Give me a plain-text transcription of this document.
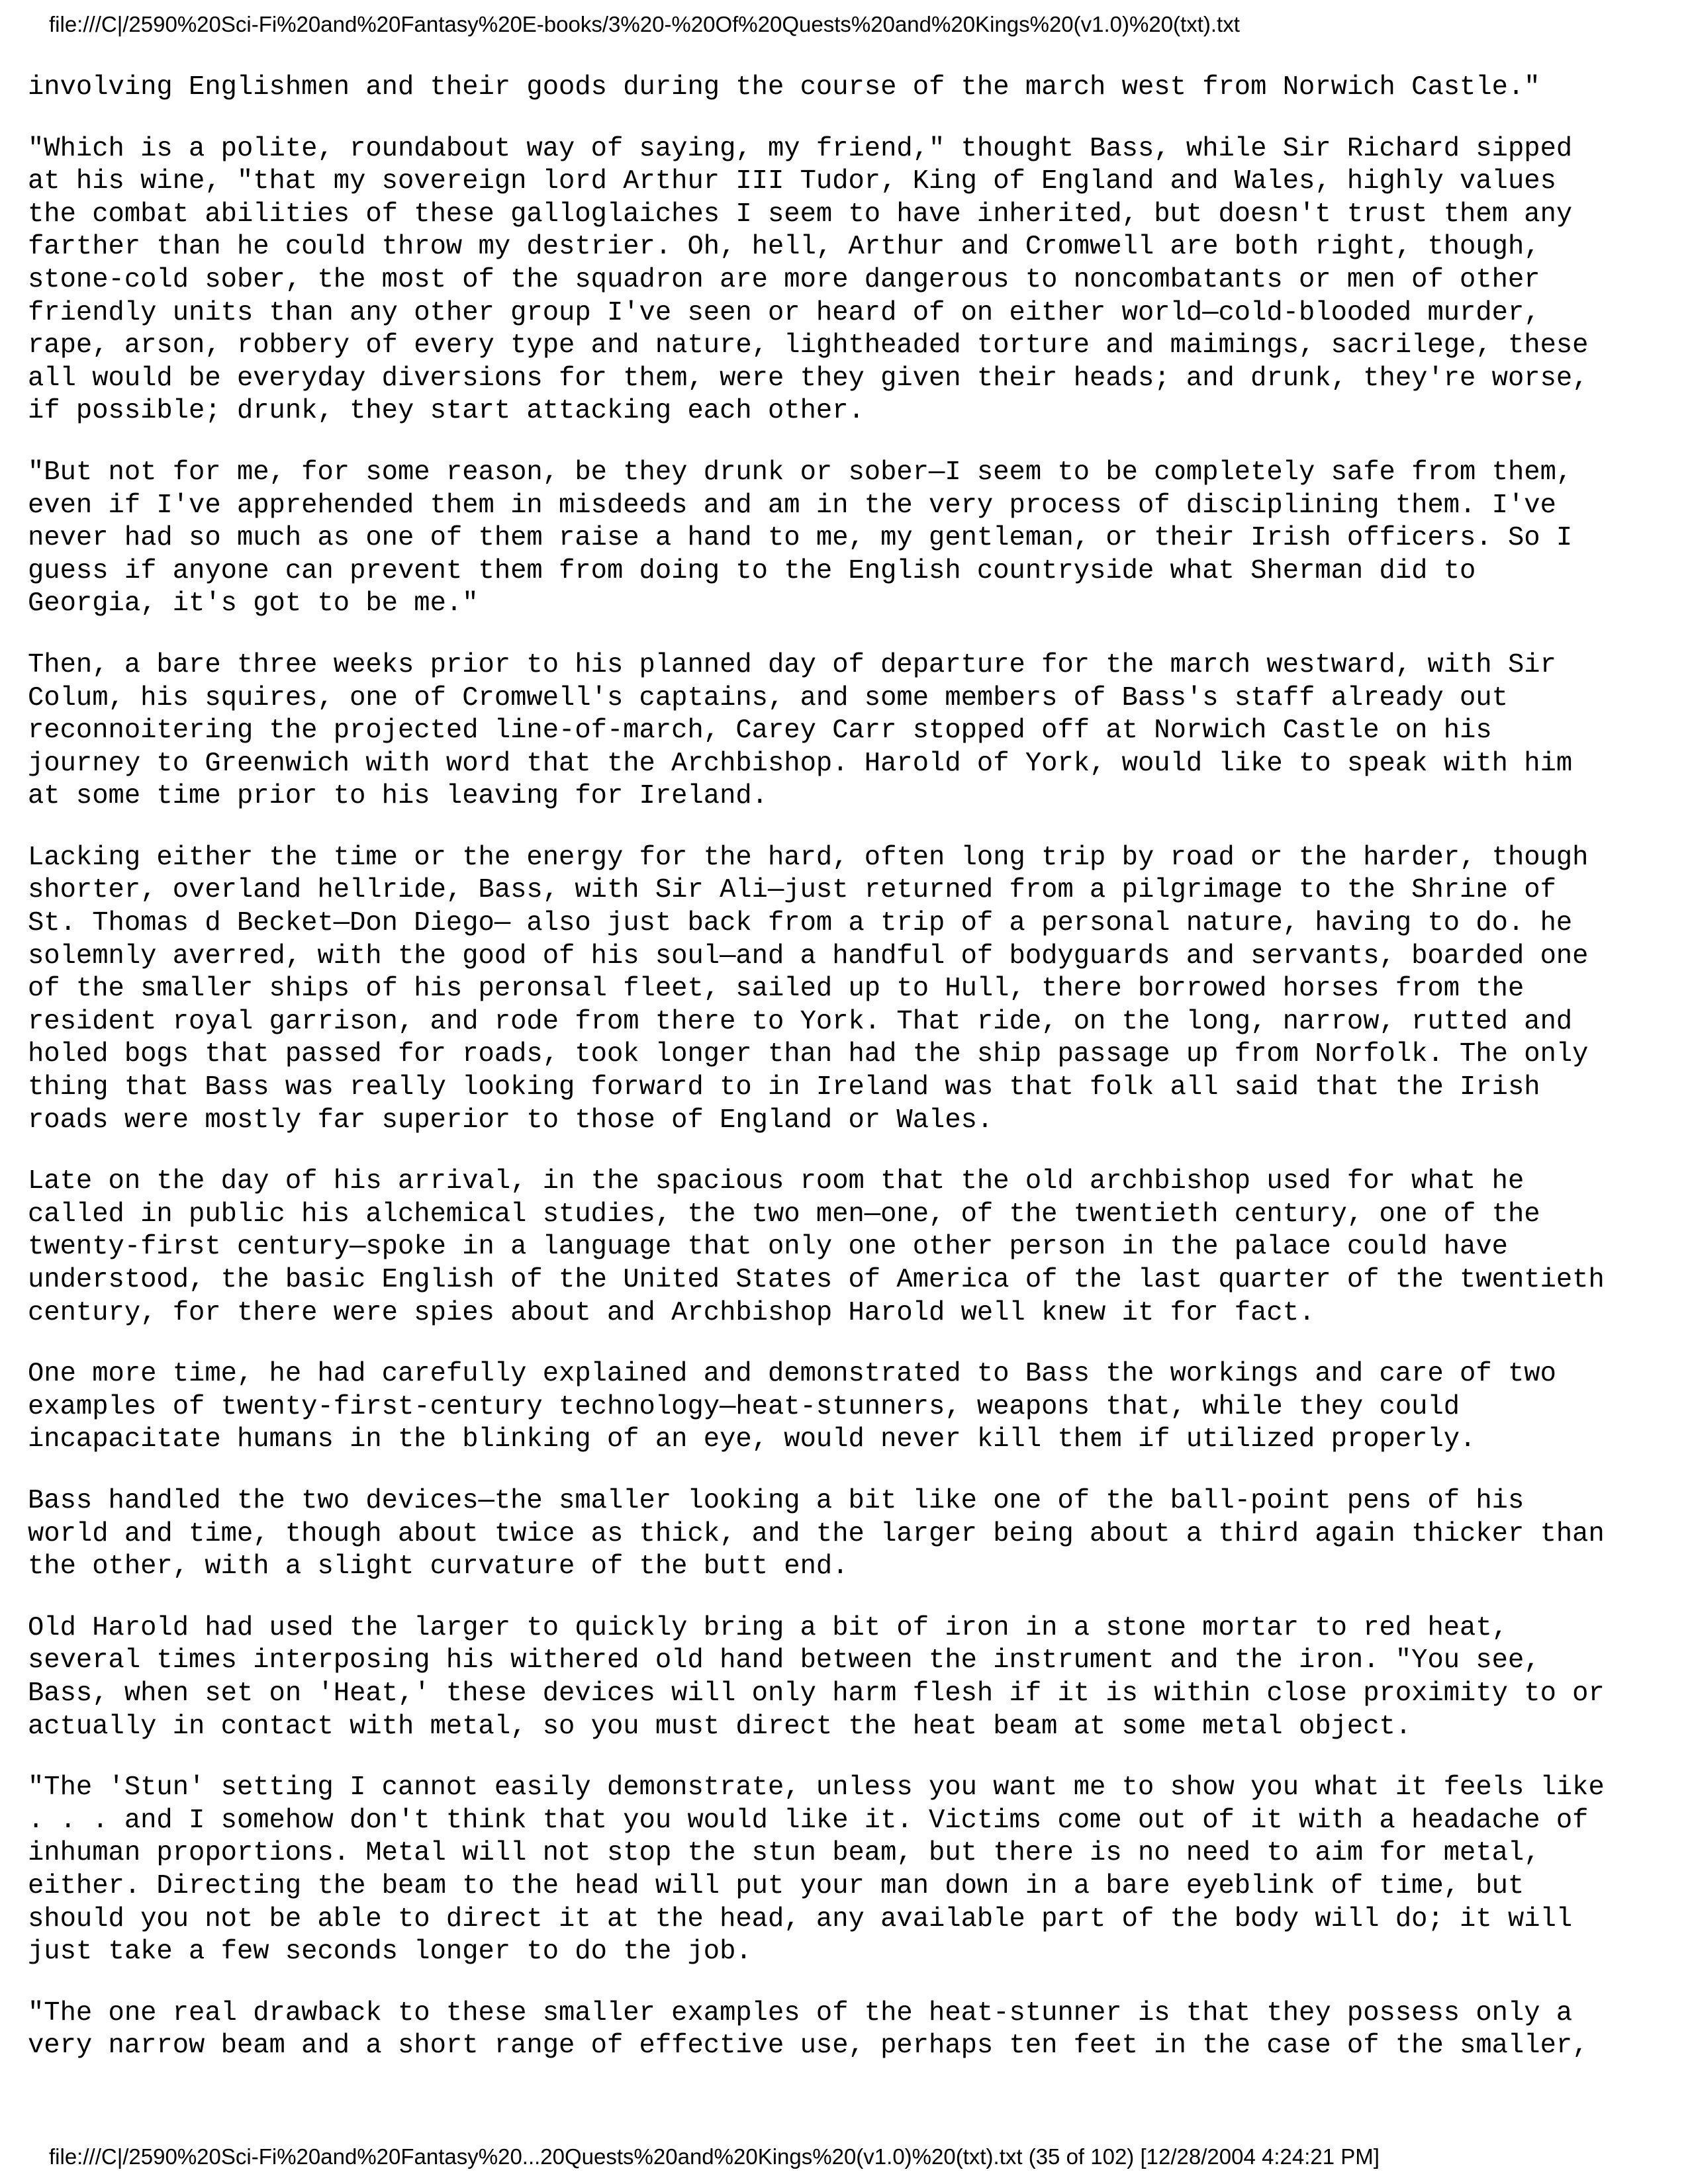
file:///C|/2590%20Sci-Fi%20and%20Fantasy%20E-books/3%20-%20Of%20Quests%20and%20Kings%20(v1.0)%20(txt).txt

involving Englishmen and their goods during the course of the march west from Norwich Castle."

"Which is a polite, roundabout way of saying, my friend," thought Bass, while Sir Richard sipped
at his wine, "that my sovereign lord Arthur III Tudor, King of England and Wales, highly values
the combat abilities of these galloglaiches I seem to have inherited, but doesn't trust them any
farther than he could throw my destrier. Oh, hell, Arthur and Cromwell are both right, though,
stone-cold sober, the most of the squadron are more dangerous to noncombatants or men of other
friendly units than any other group I've seen or heard of on either world—cold-blooded murder,
rape, arson, robbery of every type and nature, lightheaded torture and maimings, sacrilege, these
all would be everyday diversions for them, were they given their heads; and drunk, they're worse,
if possible; drunk, they start attacking each other.

"But not for me, for some reason, be they drunk or sober—I seem to be completely safe from them,
even if I've apprehended them in misdeeds and am in the very process of disciplining them. I've
never had so much as one of them raise a hand to me, my gentleman, or their Irish officers. So I
guess if anyone can prevent them from doing to the English countryside what Sherman did to
Georgia, it's got to be me."

Then, a bare three weeks prior to his planned day of departure for the march westward, with Sir
Colum, his squires, one of Cromwell's captains, and some members of Bass's staff already out
reconnoitering the projected line-of-march, Carey Carr stopped off at Norwich Castle on his
journey to Greenwich with word that the Archbishop. Harold of York, would like to speak with him
at some time prior to his leaving for Ireland.

Lacking either the time or the energy for the hard, often long trip by road or the harder, though
shorter, overland hellride, Bass, with Sir Ali—just returned from a pilgrimage to the Shrine of
St. Thomas d Becket—Don Diego— also just back from a trip of a personal nature, having to do. he
solemnly averred, with the good of his soul—and a handful of bodyguards and servants, boarded one
of the smaller ships of his peronsal fleet, sailed up to Hull, there borrowed horses from the
resident royal garrison, and rode from there to York. That ride, on the long, narrow, rutted and
holed bogs that passed for roads, took longer than had the ship passage up from Norfolk. The only
thing that Bass was really looking forward to in Ireland was that folk all said that the Irish
roads were mostly far superior to those of England or Wales.

Late on the day of his arrival, in the spacious room that the old archbishop used for what he
called in public his alchemical studies, the two men—one, of the twentieth century, one of the
twenty-first century—spoke in a language that only one other person in the palace could have
understood, the basic English of the United States of America of the last quarter of the twentieth
century, for there were spies about and Archbishop Harold well knew it for fact.

One more time, he had carefully explained and demonstrated to Bass the workings and care of two
examples of twenty-first-century technology—heat-stunners, weapons that, while they could
incapacitate humans in the blinking of an eye, would never kill them if utilized properly.

Bass handled the two devices—the smaller looking a bit like one of the ball-point pens of his
world and time, though about twice as thick, and the larger being about a third again thicker than
the other, with a slight curvature of the butt end.

Old Harold had used the larger to quickly bring a bit of iron in a stone mortar to red heat,
several times interposing his withered old hand between the instrument and the iron. "You see,
Bass, when set on 'Heat,' these devices will only harm flesh if it is within close proximity to or
actually in contact with metal, so you must direct the heat beam at some metal object.

"The 'Stun' setting I cannot easily demonstrate, unless you want me to show you what it feels like
. . . and I somehow don't think that you would like it. Victims come out of it with a headache of
inhuman proportions. Metal will not stop the stun beam, but there is no need to aim for metal,
either. Directing the beam to the head will put your man down in a bare eyeblink of time, but
should you not be able to direct it at the head, any available part of the body will do; it will
just take a few seconds longer to do the job.

"The one real drawback to these smaller examples of the heat-stunner is that they possess only a
very narrow beam and a short range of effective use, perhaps ten feet in the case of the smaller,

file:///C|/2590%20Sci-Fi%20and%20Fantasy%20...20Quests%20and%20Kings%20(v1.0)%20(txt).txt (35 of 102) [12/28/2004 4:24:21 PM]
